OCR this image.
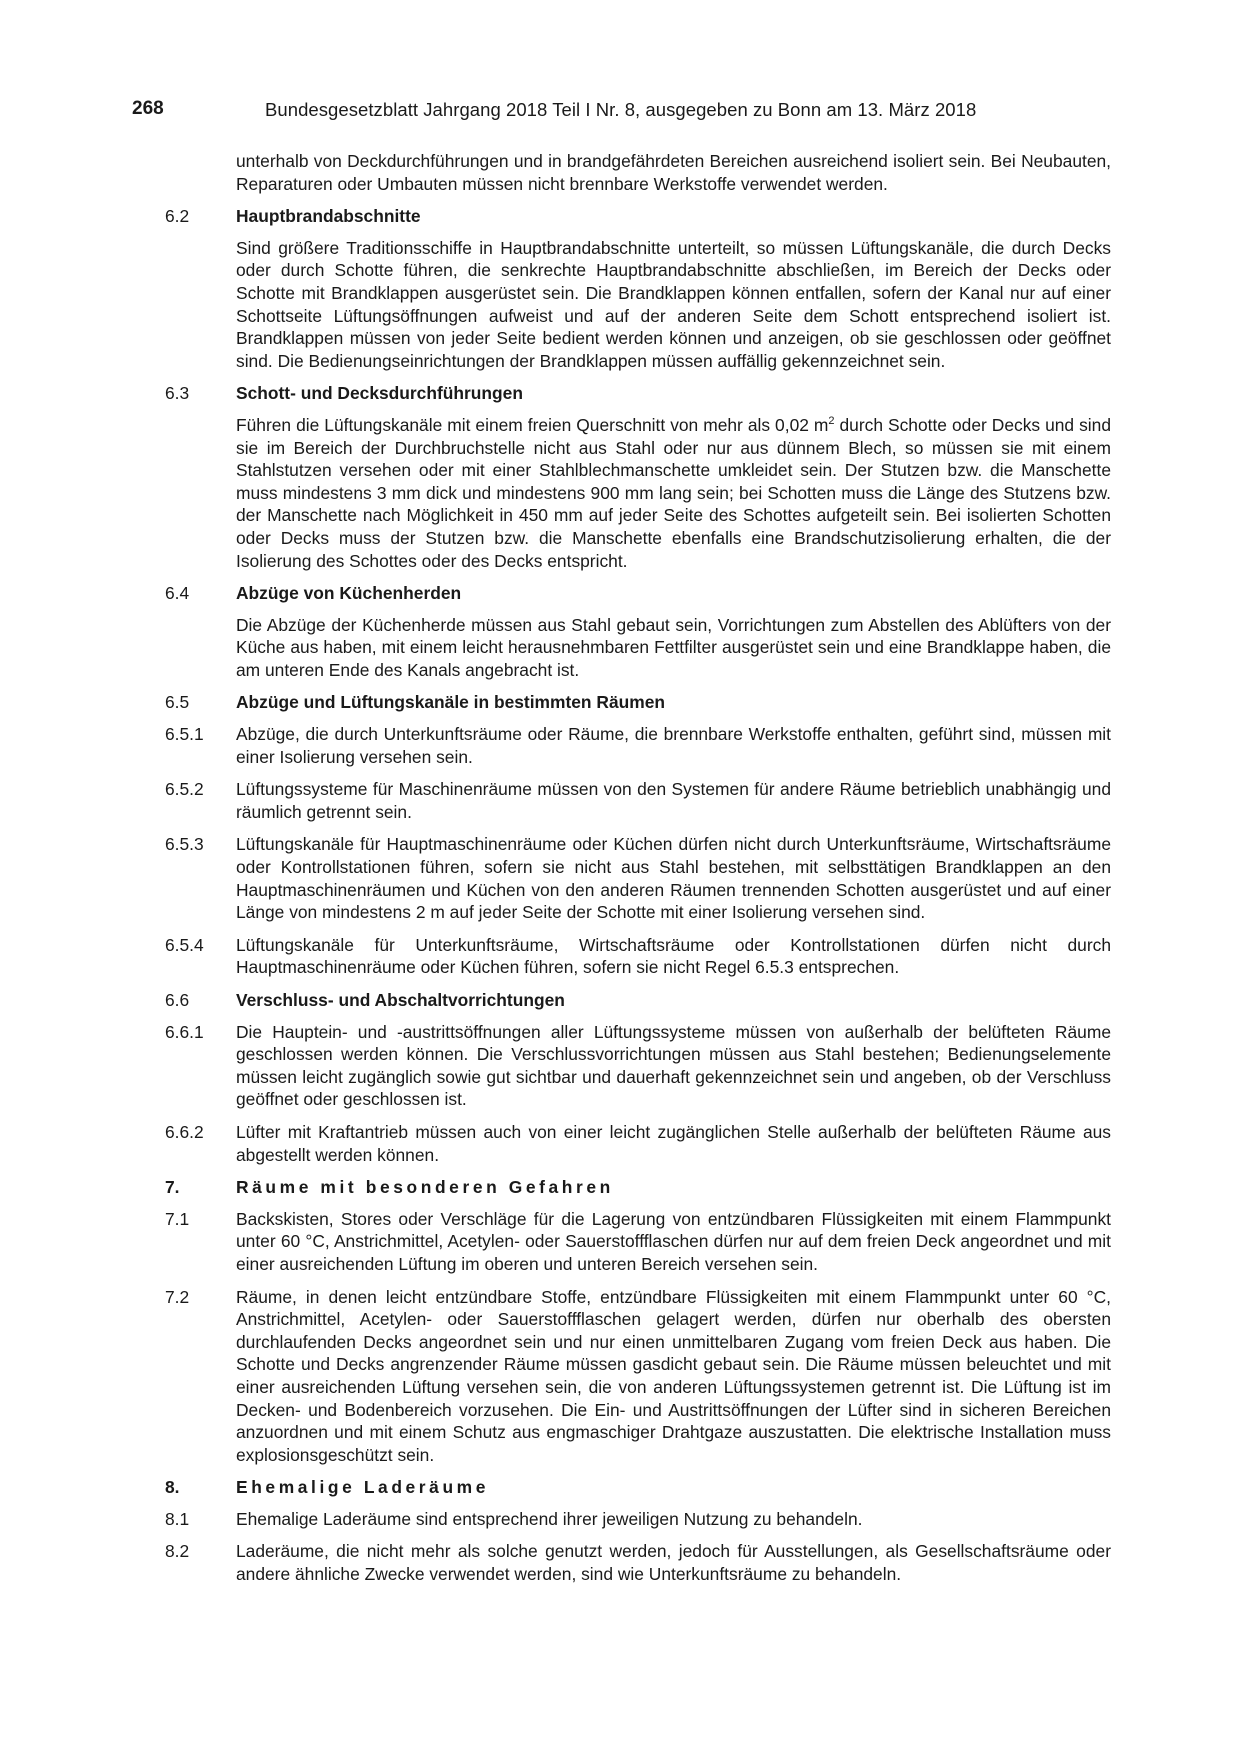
268	Bundesgesetzblatt Jahrgang 2018 Teil I Nr. 8, ausgegeben zu Bonn am 13. März 2018

unterhalb von Deckdurchführungen und in brandgefährdeten Bereichen ausreichend isoliert sein. Bei Neubauten, Reparaturen oder Umbauten müssen nicht brennbare Werkstoffe verwendet werden.

6.2	Hauptbrandabschnitte

Sind größere Traditionsschiffe in Hauptbrandabschnitte unterteilt, so müssen Lüftungskanäle, die durch Decks oder durch Schotte führen, die senkrechte Hauptbrandabschnitte abschließen, im Bereich der Decks oder Schotte mit Brandklappen ausgerüstet sein. Die Brandklappen können entfallen, sofern der Kanal nur auf einer Schottseite Lüftungsöffnungen aufweist und auf der anderen Seite dem Schott entsprechend isoliert ist. Brandklappen müssen von jeder Seite bedient werden können und anzeigen, ob sie geschlossen oder geöffnet sind. Die Bedienungseinrichtungen der Brandklappen müssen auffällig gekennzeichnet sein.

6.3	Schott- und Decksdurchführungen

Führen die Lüftungskanäle mit einem freien Querschnitt von mehr als 0,02 $m^2$ durch Schotte oder Decks und sind sie im Bereich der Durchbruchstelle nicht aus Stahl oder nur aus dünnem Blech, so müssen sie mit einem Stahlstutzen versehen oder mit einer Stahlblechmanschette umkleidet sein. Der Stutzen bzw. die Manschette muss mindestens 3 mm dick und mindestens 900 mm lang sein; bei Schotten muss die Länge des Stutzens bzw. der Manschette nach Möglichkeit in 450 mm auf jeder Seite des Schottes aufgeteilt sein. Bei isolierten Schotten oder Decks muss der Stutzen bzw. die Manschette ebenfalls eine Brandschutzisolierung erhalten, die der Isolierung des Schottes oder des Decks entspricht.

6.4	Abzüge von Küchenherden

Die Abzüge der Küchenherde müssen aus Stahl gebaut sein, Vorrichtungen zum Abstellen des Ablüfters von der Küche aus haben, mit einem leicht herausnehmbaren Fettfilter ausgerüstet sein und eine Brandklappe haben, die am unteren Ende des Kanals angebracht ist.

6.5	Abzüge und Lüftungskanäle in bestimmten Räumen
6.5.1	Abzüge, die durch Unterkunftsräume oder Räume, die brennbare Werkstoffe enthalten, geführt sind, müssen mit einer Isolierung versehen sein.

6.5.2	Lüftungssysteme für Maschinenräume müssen von den Systemen für andere Räume betrieblich unabhängig und räumlich getrennt sein.

6.5.3	Lüftungskanäle für Hauptmaschinenräume oder Küchen dürfen nicht durch Unterkunftsräume, Wirtschaftsräume oder Kontrollstationen führen, sofern sie nicht aus Stahl bestehen, mit selbsttätigen Brandklappen an den Hauptmaschinenräumen und Küchen von den anderen Räumen trennenden Schotten ausgerüstet und auf einer Länge von mindestens 2 m auf jeder Seite der Schotte mit einer Isolierung versehen sind.

6.5.4	Lüftungskanäle für Unterkunftsräume, Wirtschaftsräume oder Kontrollstationen dürfen nicht durch Hauptmaschinenräume oder Küchen führen, sofern sie nicht Regel 6.5.3 entsprechen.

6.6	Verschluss- und Abschaltvorrichtungen
6.6.1	Die Hauptein- und -austrittsöffnungen aller Lüftungssysteme müssen von außerhalb der belüfteten Räume geschlossen werden können. Die Verschlussvorrichtungen müssen aus Stahl bestehen; Bedienungselemente müssen leicht zugänglich sowie gut sichtbar und dauerhaft gekennzeichnet sein und angeben, ob der Verschluss geöffnet oder geschlossen ist.

6.6.2	Lüfter mit Kraftantrieb müssen auch von einer leicht zugänglichen Stelle außerhalb der belüfteten Räume aus abgestellt werden können.

7.	Räume mit besonderen Gefahren
7.1	Backskisten, Stores oder Verschläge für die Lagerung von entzündbaren Flüssigkeiten mit einem Flammpunkt unter 60 °C, Anstrichmittel, Acetylen- oder Sauerstoffflaschen dürfen nur auf dem freien Deck angeordnet und mit einer ausreichenden Lüftung im oberen und unteren Bereich versehen sein.

7.2	Räume, in denen leicht entzündbare Stoffe, entzündbare Flüssigkeiten mit einem Flammpunkt unter 60 °C, Anstrichmittel, Acetylen- oder Sauerstoffflaschen gelagert werden, dürfen nur oberhalb des obersten durchlaufenden Decks angeordnet sein und nur einen unmittelbaren Zugang vom freien Deck aus haben. Die Schotte und Decks angrenzender Räume müssen gasdicht gebaut sein. Die Räume müssen beleuchtet und mit einer ausreichenden Lüftung versehen sein, die von anderen Lüftungssystemen getrennt ist. Die Lüftung ist im Decken- und Bodenbereich vorzusehen. Die Ein- und Austrittsöffnungen der Lüfter sind in sicheren Bereichen anzuordnen und mit einem Schutz aus engmaschiger Drahtgaze auszustatten. Die elektrische Installation muss explosionsgeschützt sein.

8.	Ehemalige Laderäume
8.1	Ehemalige Laderäume sind entsprechend ihrer jeweiligen Nutzung zu behandeln.

8.2	Laderäume, die nicht mehr als solche genutzt werden, jedoch für Ausstellungen, als Gesellschaftsräume oder andere ähnliche Zwecke verwendet werden, sind wie Unterkunftsräume zu behandeln.
